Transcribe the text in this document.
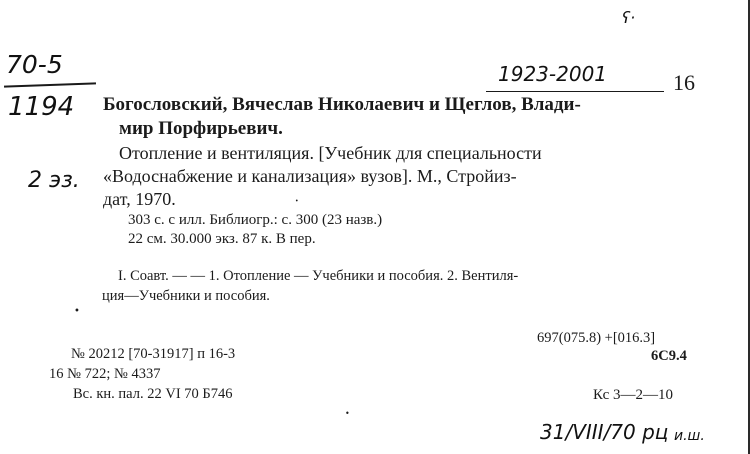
70-5
1194
1923-2001	16
Богословский, Вячеслав Николаевич и Щеглов, Влади-
мир Порфирьевич.
Отопление и вентиляция. [Учебник для специальности
2 эз. «Водоснабжение и канализация» вузов]. М., Стройиз-
дат, 1970.
303 с. с илл. Библиогр.: с. 300 (23 назв.)
22 см. 30.000 экз. 87 к. В пер.
I. Соавт. — — 1. Отопление — Учебники и пособия. 2. Вентиля-
ция—Учебники и пособия.
697(075.8) +[016.3]
6С9.4
№ 20212 [70-31917] п 16-3
16 № 722; № 4337
Вс. кн. пал. 22 VI 70 Б746	Кс 3—2—10
31/VIII/70 рц и.ш.
ʕ·
•
•
•
